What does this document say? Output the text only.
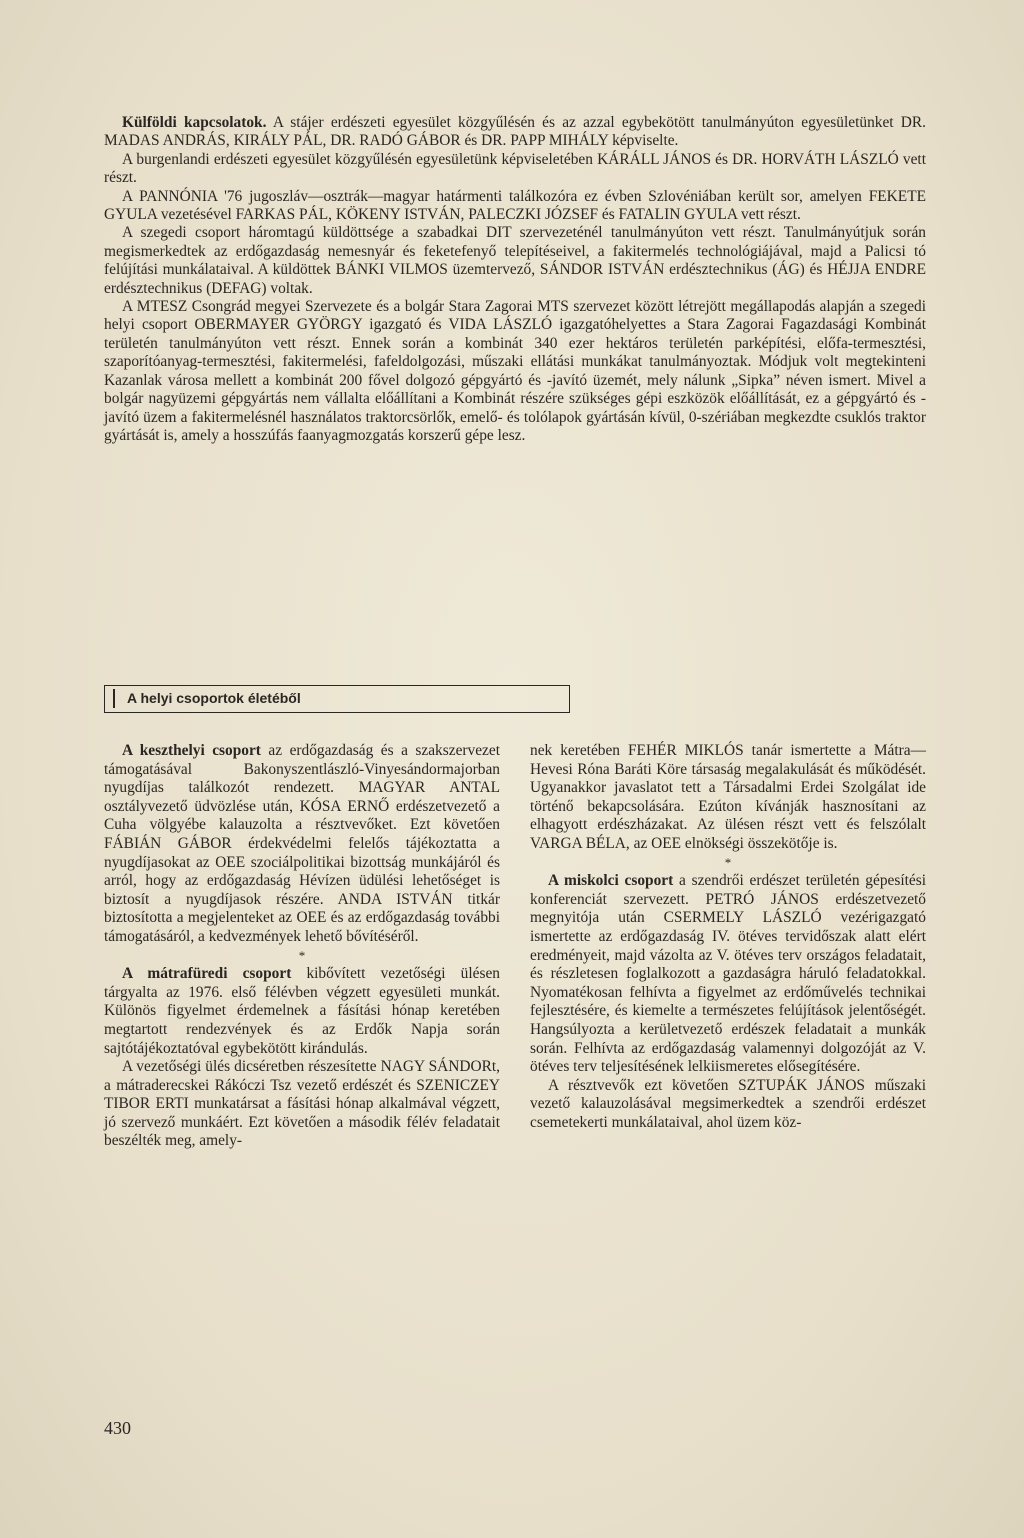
Külföldi kapcsolatok. A stájer erdészeti egyesület közgyűlésén és az azzal egybekötött tanulmányúton egyesületünket DR. MADAS ANDRÁS, KIRÁLY PÁL, DR. RADÓ GÁBOR és DR. PAPP MIHÁLY képviselte.

A burgenlandi erdészeti egyesület közgyűlésén egyesületünk képviseletében KÁRÁLL JÁNOS és DR. HORVÁTH LÁSZLÓ vett részt.

A PANNÓNIA '76 jugoszláv—osztrák—magyar határmenti találkozóra ez évben Szlovéniában került sor, amelyen FEKETE GYULA vezetésével FARKAS PÁL, KÖKENY ISTVÁN, PALECZKI JÓZSEF és FATALIN GYULA vett részt.

A szegedi csoport háromtagú küldöttsége a szabadkai DIT szervezeténél tanulmányúton vett részt. Tanulmányútjuk során megismerkedtek az erdőgazdaság nemesnyár és feketefenyő telepítéseivel, a fakitermelés technológiájával, majd a Palicsi tó felújítási munkálataival. A küldöttek BÁNKI VILMOS üzemtervező, SÁNDOR ISTVÁN erdésztechnikus (ÁG) és HÉJJA ENDRE erdésztechnikus (DEFAG) voltak.

A MTESZ Csongrád megyei Szervezete és a bolgár Stara Zagorai MTS szervezet között létrejött megállapodás alapján a szegedi helyi csoport OBERMAYER GYÖRGY igazgató és VIDA LÁSZLÓ igazgatóhelyettes a Stara Zagorai Fagazdasági Kombinát területén tanulmányúton vett részt. Ennek során a kombinát 340 ezer hektáros területén parképítési, előfa-termesztési, szaporítóanyag-termesztési, fakitermelési, fafeldolgozási, műszaki ellátási munkákat tanulmányoztak. Módjuk volt megtekinteni Kazanlak városa mellett a kombinát 200 fővel dolgozó gépgyártó és -javító üzemét, mely nálunk „Sipka” néven ismert. Mivel a bolgár nagyüzemi gépgyártás nem vállalta előállítani a Kombinát részére szükséges gépi eszközök előállítását, ez a gépgyártó és -javító üzem a fakitermelésnél használatos traktorcsörlők, emelő- és tolólapok gyártásán kívül, 0-szériában megkezdte csuklós traktor gyártását is, amely a hosszúfás faanyagmozgatás korszerű gépe lesz.

A helyi csoportok életéből

A keszthelyi csoport az erdőgazdaság és a szakszervezet támogatásával Bakonyszentlászló-Vinyesándormajorban nyugdíjas találkozót rendezett. MAGYAR ANTAL osztályvezető üdvözlése után, KÓSA ERNŐ erdészetvezető a Cuha völgyébe kalauzolta a résztvevőket. Ezt követően FÁBIÁN GÁBOR érdekvédelmi felelős tájékoztatta a nyugdíjasokat az OEE szociálpolitikai bizottság munkájáról és arról, hogy az erdőgazdaság Hévízen üdülési lehetőséget is biztosít a nyugdíjasok részére. ANDA ISTVÁN titkár biztosította a megjelenteket az OEE és az erdőgazdaság további támogatásáról, a kedvezmények lehető bővítéséről.

*

A mátrafüredi csoport kibővített vezetőségi ülésen tárgyalta az 1976. első félévben végzett egyesületi munkát. Különös figyelmet érdemelnek a fásítási hónap keretében megtartott rendezvények és az Erdők Napja során sajtótájékoztatóval egybekötött kirándulás.

A vezetőségi ülés dicséretben részesítette NAGY SÁNDORt, a mátraderecskei Rákóczi Tsz vezető erdészét és SZENICZEY TIBOR ERTI munkatársat a fásítási hónap alkalmával végzett, jó szervező munkáért. Ezt követően a második félév feladatait beszélték meg, amely-

nek keretében FEHÉR MIKLÓS tanár ismertette a Mátra—Hevesi Róna Baráti Köre társaság megalakulását és működését. Ugyanakkor javaslatot tett a Társadalmi Erdei Szolgálat ide történő bekapcsolására. Ezúton kívánják hasznosítani az elhagyott erdészházakat. Az ülésen részt vett és felszólalt VARGA BÉLA, az OEE elnökségi összekötője is.

*

A miskolci csoport a szendrői erdészet területén gépesítési konferenciát szervezett. PETRÓ JÁNOS erdészetvezető megnyitója után CSERMELY LÁSZLÓ vezérigazgató ismertette az erdőgazdaság IV. ötéves tervidőszak alatt elért eredményeit, majd vázolta az V. ötéves terv országos feladatait, és részletesen foglalkozott a gazdaságra háruló feladatokkal. Nyomatékosan felhívta a figyelmet az erdőművelés technikai fejlesztésére, és kiemelte a természetes felújítások jelentőségét. Hangsúlyozta a kerületvezető erdészek feladatait a munkák során. Felhívta az erdőgazdaság valamennyi dolgozóját az V. ötéves terv teljesítésének lelkiismeretes elősegítésére.

A résztvevők ezt követően SZTUPÁK JÁNOS műszaki vezető kalauzolásával megsimerkedtek a szendrői erdészet csemetekerti munkálataival, ahol üzem köz-

430
